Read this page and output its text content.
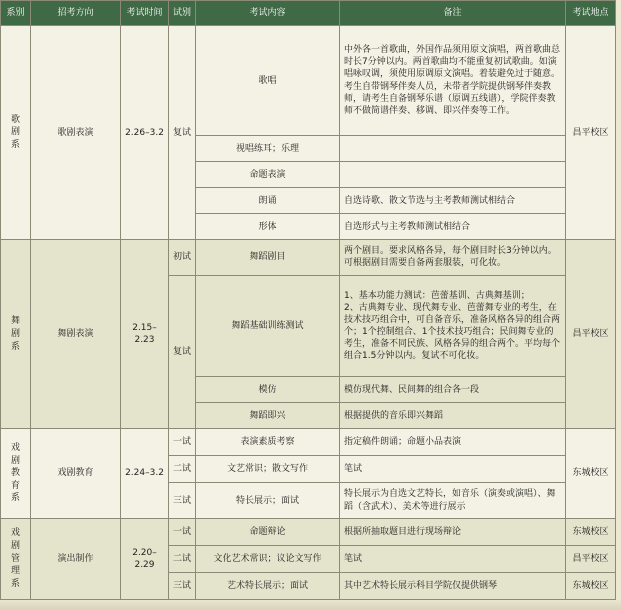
系别	招考方向	考试时间	试别	考试内容	备注	考试地点

歌
剧
系	歌剧表演	2.26–3.2	复试	歌唱	中外各一首歌曲，外国作品须用原文演唱，两首歌曲总时长7分钟以内。两首歌曲均不能重复初试歌曲。如演唱咏叹调，须使用原调原文演唱。着装避免过于随意。考生自带钢琴伴奏人员，未带者学院提供钢琴伴奏教师，请考生自备钢琴乐谱（原调五线谱），学院伴奏教师不做简谱伴奏、移调、即兴伴奏等工作。	昌平校区
				视唱练耳；乐理		
				命题表演		
				朗诵	自选诗歌、散文节选与主考教师测试相结合	
				形体	自选形式与主考教师测试相结合	

舞
剧
系	舞剧表演	2.15–2.23	初试	舞蹈剧目	两个剧目。要求风格各异，每个剧目时长3分钟以内。可根据剧目需要自备两套服装，可化妆。	昌平校区
			复试	舞蹈基础训练测试	1、基本功能力测试：芭蕾基训、古典舞基训；
2、古典舞专业、现代舞专业、芭蕾舞专业的考生，在技术技巧组合中，可自备音乐，准备风格各异的组合两个；1个控制组合、1个技术技巧组合；民间舞专业的考生，准备不同民族、风格各异的组合两个。平均每个组合1.5分钟以内。复试不可化妆。	
				模仿	模仿现代舞、民间舞的组合各一段	
				舞蹈即兴	根据提供的音乐即兴舞蹈	

戏
剧
教
育
系	戏剧教育	2.24–3.2	一试	表演素质考察	指定稿件朗诵；命题小品表演	东城校区
			二试	文艺常识；散文写作	笔试	
			三试	特长展示；面试	特长展示为自选文艺特长，如音乐（演奏或演唱）、舞蹈（含武术）、美术等进行展示	

戏
剧
管
理
系	演出制作	2.20–2.29	一试	命题辩论	根据所抽取题目进行现场辩论	东城校区
			二试	文化艺术常识；议论文写作	笔试	昌平校区
			三试	艺术特长展示；面试	其中艺术特长展示科目学院仅提供钢琴	东城校区
